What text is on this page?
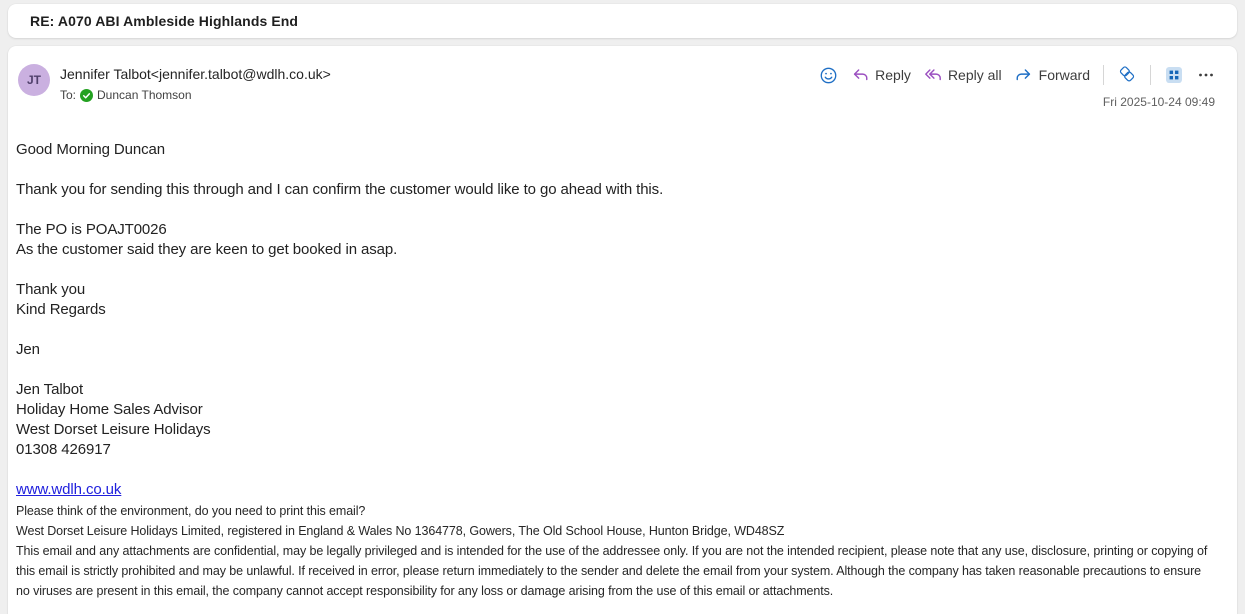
RE: A070 ABI Ambleside Highlands End
JT	Jennifer Talbot<jennifer.talbot@wdlh.co.uk>
To: Duncan Thomson
Reply	Reply all	Forward
Fri 2025-10-24 09:49
Good Morning Duncan
Thank you for sending this through and I can confirm the customer would like to go ahead with this.
The PO is POAJT0026
As the customer said they are keen to get booked in asap.
Thank you
Kind Regards
Jen
Jen Talbot
Holiday Home Sales Advisor
West Dorset Leisure Holidays
01308 426917
www.wdlh.co.uk
Please think of the environment, do you need to print this email?
West Dorset Leisure Holidays Limited, registered in England & Wales No 1364778, Gowers, The Old School House, Hunton Bridge, WD48SZ
This email and any attachments are confidential, may be legally privileged and is intended for the use of the addressee only. If you are not the intended recipient, please note that any use, disclosure, printing or copying of this email is strictly prohibited and may be unlawful. If received in error, please return immediately to the sender and delete the email from your system. Although the company has taken reasonable precautions to ensure no viruses are present in this email, the company cannot accept responsibility for any loss or damage arising from the use of this email or attachments.
